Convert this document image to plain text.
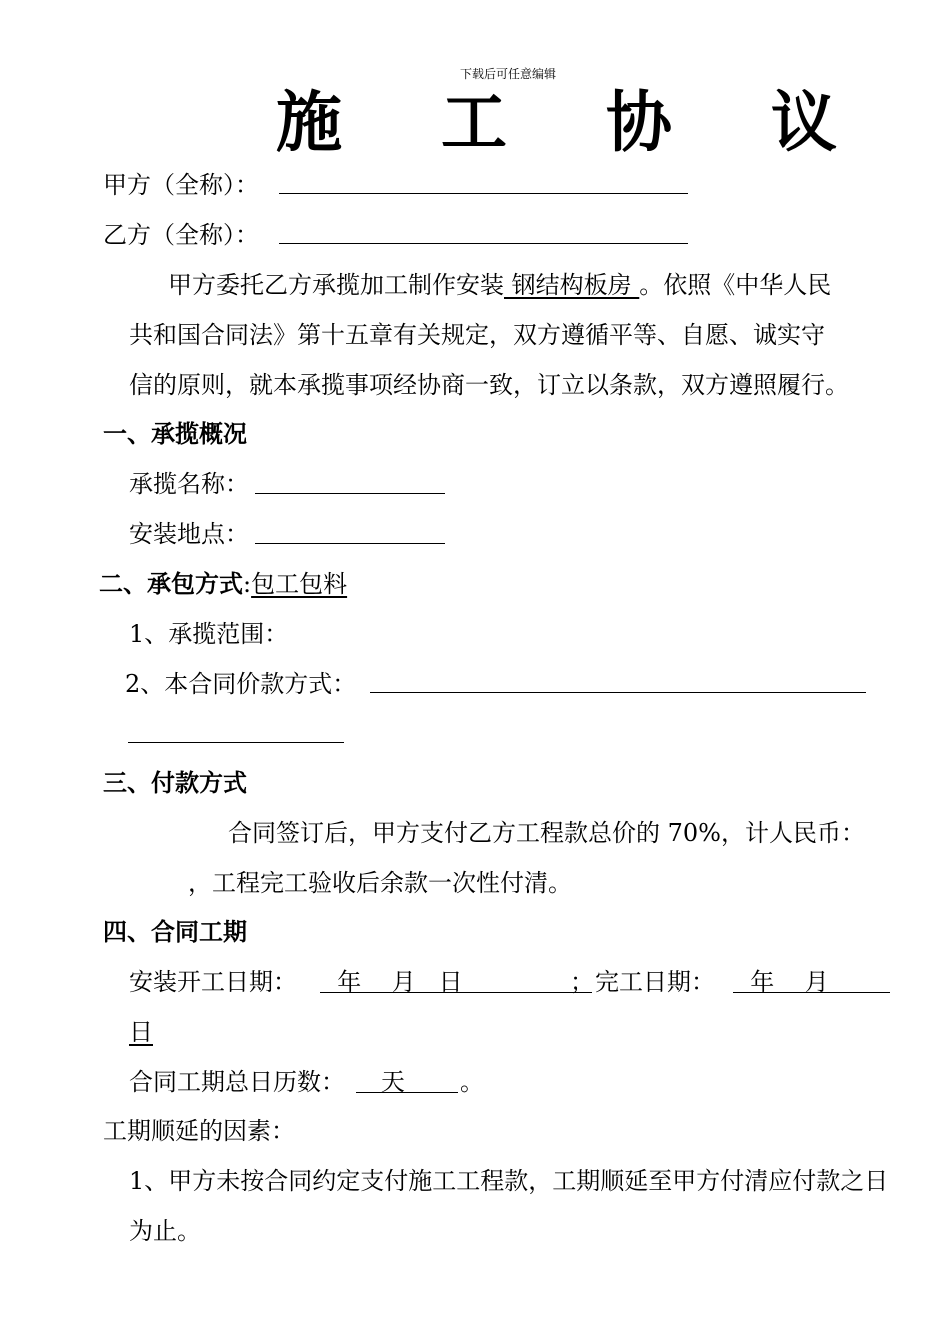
下载后可任意编辑
施 工 协 议
甲方（全称）：
乙方（全称）：
甲方委托乙方承揽加工制作安装 钢结构板房 。依照《中华人民
共和国合同法》第十五章有关规定，双方遵循平等、自愿、诚实守
信的原则，就本承揽事项经协商一致，订立以条款，双方遵照履行。
一、承揽概况
承揽名称：
安装地点：
二、承包方式:包工包料
1、承揽范围：
2、本合同价款方式：
三、付款方式
合同签订后，甲方支付乙方工程款总价的 70%，计人民币：
，工程完工验收后余款一次性付清。
四、合同工期
安装开工日期： 年    月   日	； 完工日期： 年    月
日
合同工期总日历数： 天 。
工期顺延的因素：
1、甲方未按合同约定支付施工工程款，工期顺延至甲方付清应付款之日
为止。
